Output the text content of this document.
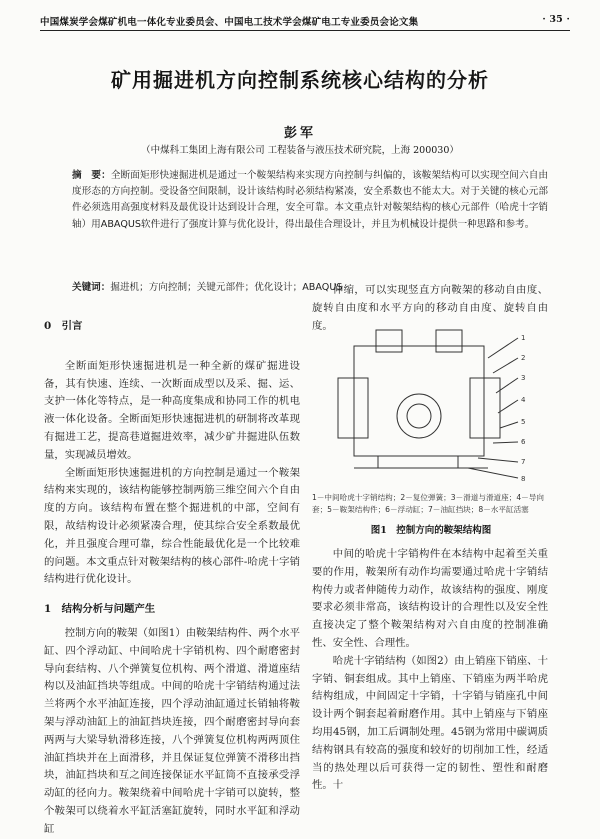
中国煤炭学会煤矿机电一体化专业委员会、中国电工技术学会煤矿电工专业委员会论文集	· 35 ·
矿用掘进机方向控制系统核心结构的分析
彭军
（中煤科工集团上海有限公司 工程装备与液压技术研究院，上海 200030）
摘　要：全断面矩形快速掘进机是通过一个鞍架结构来实现方向控制与纠偏的，该鞍架结构可以实现空间六自由度形态的方向控制。受设备空间限制，设计该结构时必须结构紧凑，安全系数也不能太大。对于关键的核心元部件必须选用高强度材料及最优设计达到设计合理，安全可靠。本文重点针对鞍架结构的核心元部件（哈虎十字销轴）用ABAQUS软件进行了强度计算与优化设计，得出最佳合理设计，并且为机械设计提供一种思路和参考。
关键词：掘进机；方向控制；关键元部件；优化设计；ABAQUS
0　引言

全断面矩形快速掘进机是一种全新的煤矿掘进设备，其有快速、连续、一次断面成型以及采、掘、运、支护一体化等特点，是一种高度集成和协同工作的机电液一体化设备。全断面矩形快速掘进机的研制将改革现有掘进工艺，提高巷道掘进效率，减少矿井掘进队伍数量，实现减员增效。

全断面矩形快速掘进机的方向控制是通过一个鞍架结构来实现的，该结构能够控制两筋三维空间六个自由度的方向。该结构布置在整个掘进机的中部，空间有限，故结构设计必须紧凑合理，使其综合安全系数最优化，并且强度合理可靠，综合性能最优化是一个比较难的问题。本文重点针对鞍架结构的核心部件-哈虎十字销结构进行优化设计。

1　结构分析与问题产生

控制方向的鞍架（如图1）由鞍架结构件、两个水平缸、四个浮动缸、中间哈虎十字销机构、四个耐磨密封导向套结构、八个弹簧复位机构、两个滑道、滑道座结构以及油缸挡块等组成。中间的哈虎十字销结构通过法兰将两个水平油缸连接，四个浮动油缸通过长销轴将鞍架与浮动油缸上的油缸挡块连接，四个耐磨密封导向套两两与大梁导轨滑移连接，八个弹簧复位机构两两顶住油缸挡块并在上面滑移，并且保证复位弹簧不滑移出挡块，油缸挡块和互之间连接保证水平缸筒不直接承受浮动缸的径向力。鞍架绕着中间哈虎十字销可以旋转，整个鞍架可以绕着水平缸活塞缸旋转，同时水平缸和浮动缸

伸缩，可以实现竖直方向鞍架的移动自由度、旋转自由度和水平方向的移动自由度、旋转自由度。

1
2
3
4
5
6
7
8
1－中间哈虎十字销结构；2－复位弹簧；3－滑道与滑道座；4－导向套；5－鞍架结构件；6－浮动缸；7－油缸挡块；8－水平缸活塞
图1　控制方向的鞍架结构图

中间的哈虎十字销构件在本结构中起着至关重要的作用，鞍架所有动作均需要通过哈虎十字销结构传力或者伸随传力动作，故该结构的强度、刚度要求必须非常高，该结构设计的合理性以及安全性直接决定了整个鞍架结构对六自由度的控制准确性、安全性、合理性。

哈虎十字销结构（如图2）由上销座下销座、十字销、铜套组成。其中上销座、下销座为两半哈虎结构组成，中间固定十字销，十字销与销座孔中间设计两个铜套起着耐磨作用。其中上销座与下销座均用45钢，加工后调制处理。45钢为常用中碳调质结构钢具有较高的强度和较好的切削加工性，经适当的热处理以后可获得一定的韧性、塑性和耐磨性。十
